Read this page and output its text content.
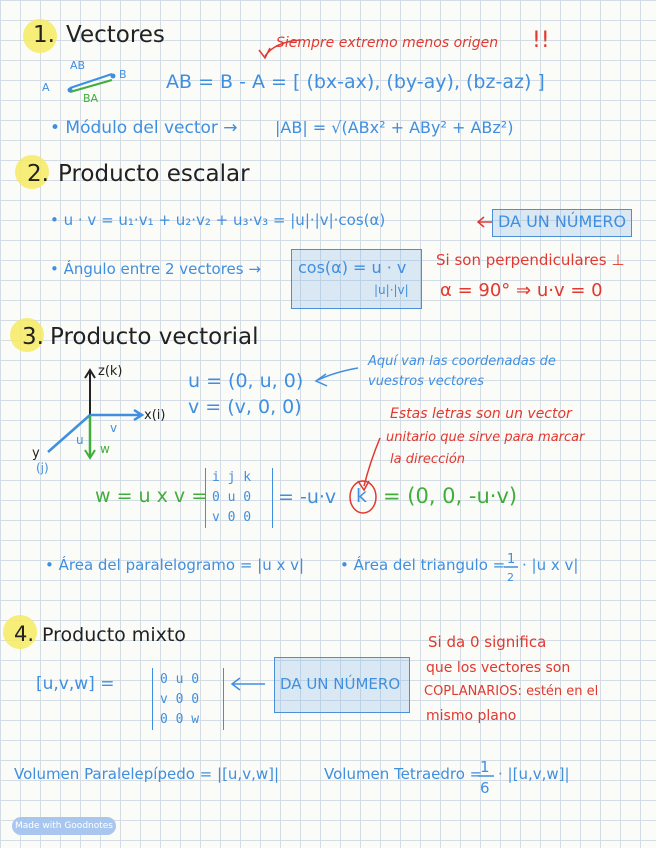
1. Vectores	Siempre extremo menos origen !!
A
B
AB
BA
AB = B - A = [ (bx-ax), (by-ay), (bz-az) ]
• Módulo del vector → |AB| = √(ABx² + ABy² + ABz²)
2. Producto escalar
• u · v = u₁·v₁ + u₂·v₂ + u₃·v₃ = |u|·|v|·cos(α)	DA UN NÚMERO
• Ángulo entre 2 vectores → cos(α) = u · v
|u|·|v|
Si son perpendiculares ⊥
α = 90° ⇒ u·v = 0
3. Producto vectorial
z(k)
x(i)
y
(j)
u
v
w
u = (0, u, 0)
v = (v, 0, 0)
Aquí van las coordenadas de
vuestros vectores
Estas letras son un vector
unitario que sirve para marcar
la dirección
w = u x v =
i j k
0 u 0
v 0 0
= -u·v k = (0, 0, -u·v)
• Área del paralelogramo = |u x v| • Área del triangulo = 1
2
· |u x v|
4. Producto mixto
[u,v,w] =	0 u 0
v 0 0
0 0 w
DA UN NÚMERO
Si da 0 significa
que los vectores son
COPLANARIOS: estén en el
mismo plano
Volumen Paralelepípedo = |[u,v,w]|	Volumen Tetraedro =
1
6
· |[u,v,w]|
Made with Goodnotes
